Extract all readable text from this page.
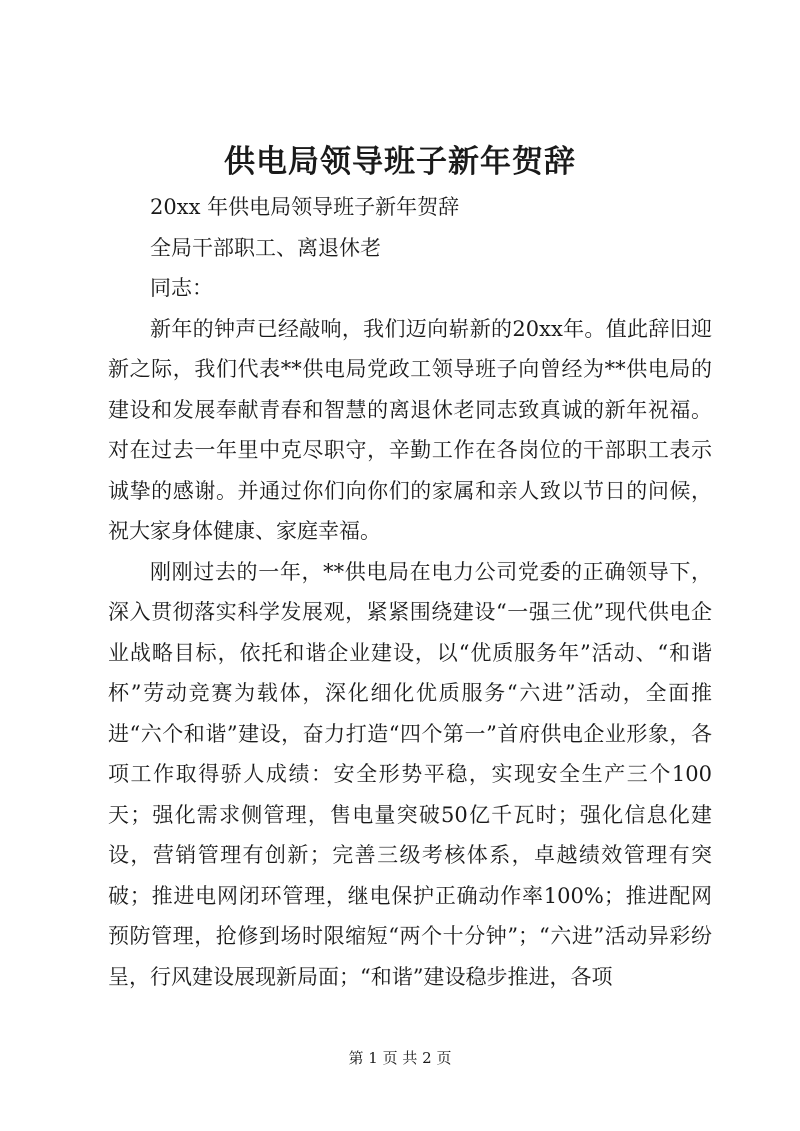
供电局领导班子新年贺辞

20xx 年供电局领导班子新年贺辞

全局干部职工、离退休老

同志：

新年的钟声已经敲响，我们迈向崭新的20xx年。值此辞旧迎新之际，我们代表**供电局党政工领导班子向曾经为**供电局的建设和发展奉献青春和智慧的离退休老同志致真诚的新年祝福。对在过去一年里中克尽职守，辛勤工作在各岗位的干部职工表示诚挚的感谢。并通过你们向你们的家属和亲人致以节日的问候，祝大家身体健康、家庭幸福。

刚刚过去的一年，**供电局在电力公司党委的正确领导下，深入贯彻落实科学发展观，紧紧围绕建设“一强三优”现代供电企业战略目标，依托和谐企业建设，以“优质服务年”活动、“和谐杯”劳动竞赛为载体，深化细化优质服务“六进”活动，全面推进“六个和谐”建设，奋力打造“四个第一”首府供电企业形象，各项工作取得骄人成绩：安全形势平稳，实现安全生产三个100天；强化需求侧管理，售电量突破50亿千瓦时；强化信息化建设，营销管理有创新；完善三级考核体系，卓越绩效管理有突破；推进电网闭环管理，继电保护正确动作率100%；推进配网预防管理，抢修到场时限缩短“两个十分钟”；“六进”活动异彩纷呈，行风建设展现新局面；“和谐”建设稳步推进，各项

第 1 页 共 2 页
